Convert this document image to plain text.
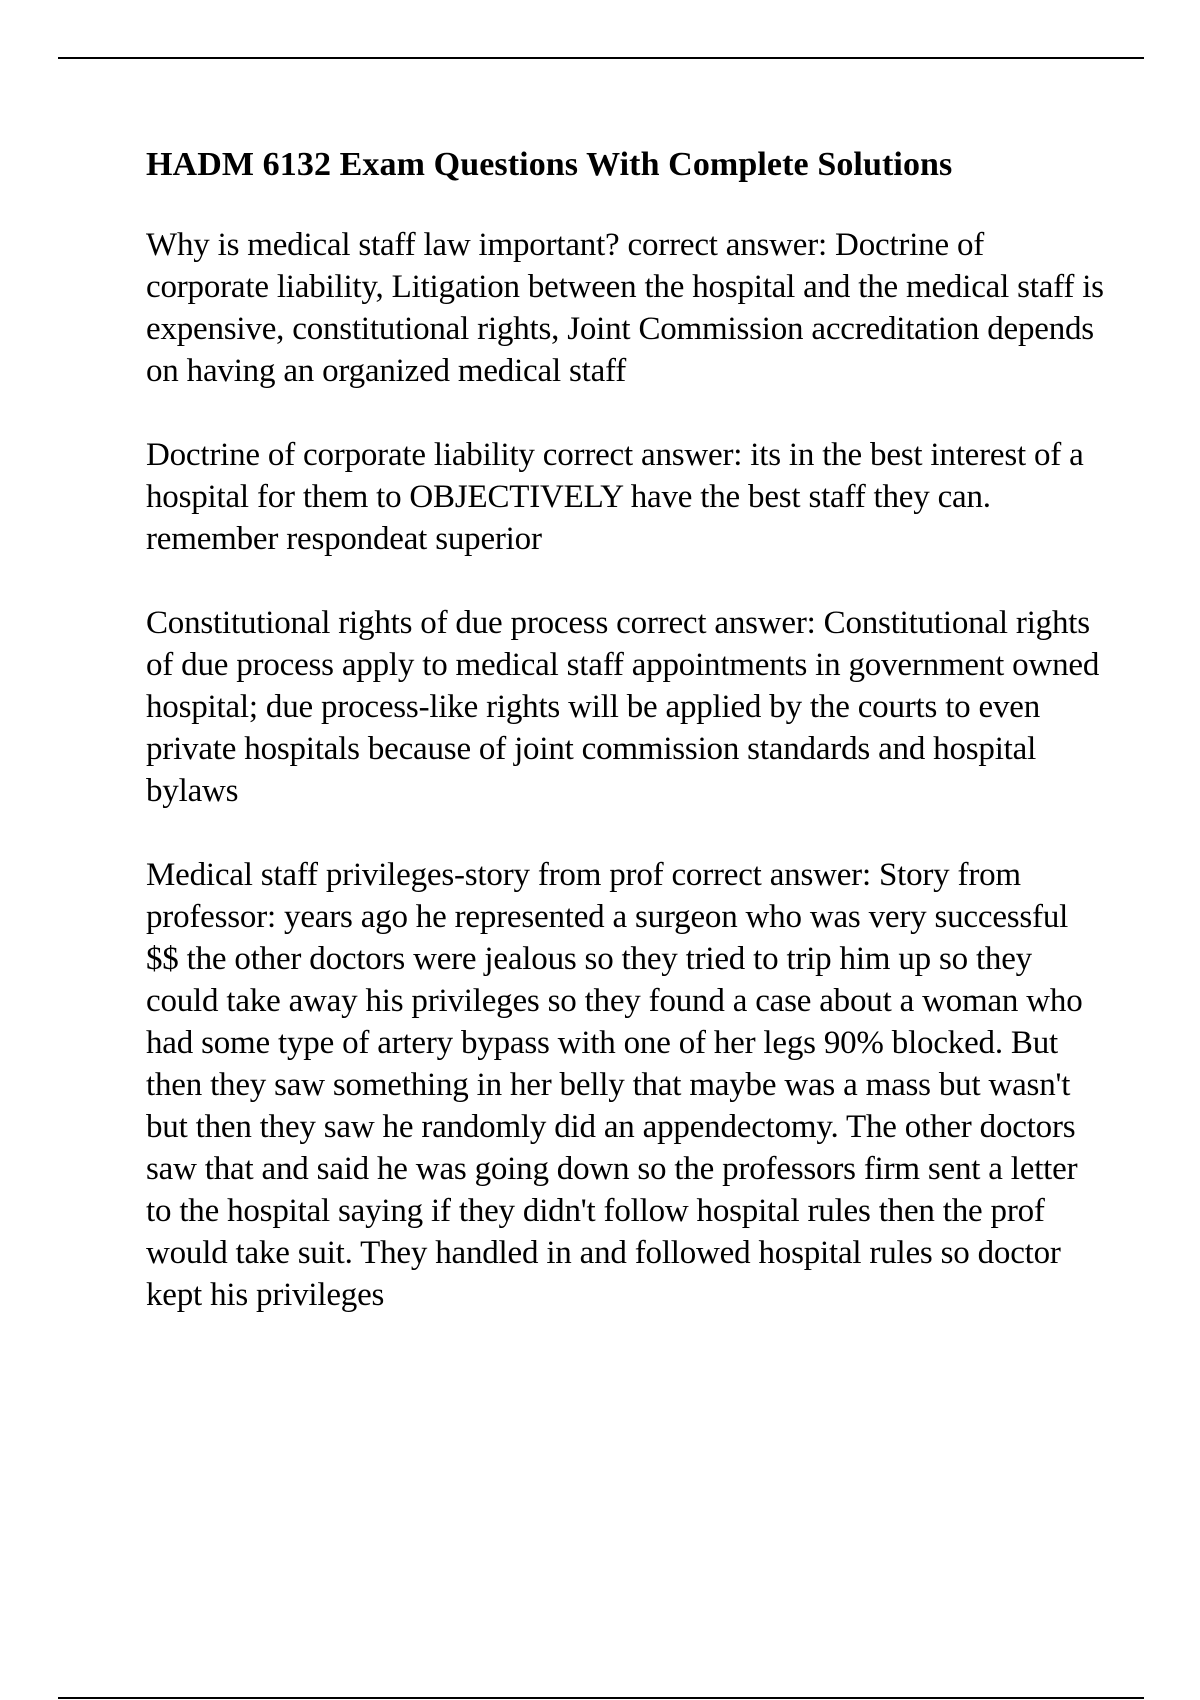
HADM 6132 Exam Questions With Complete Solutions

Why is medical staff law important? correct answer: Doctrine of corporate liability, Litigation between the hospital and the medical staff is expensive, constitutional rights, Joint Commission accreditation depends on having an organized medical staff

Doctrine of corporate liability correct answer: its in the best interest of a hospital for them to OBJECTIVELY have the best staff they can. remember respondeat superior

Constitutional rights of due process correct answer: Constitutional rights of due process apply to medical staff appointments in government owned hospital; due process-like rights will be applied by the courts to even private hospitals because of joint commission standards and hospital bylaws

Medical staff privileges-story from prof correct answer: Story from professor: years ago he represented a surgeon who was very successful $$ the other doctors were jealous so they tried to trip him up so they could take away his privileges so they found a case about a woman who had some type of artery bypass with one of her legs 90% blocked. But then they saw something in her belly that maybe was a mass but wasn't but then they saw he randomly did an appendectomy. The other doctors saw that and said he was going down so the professors firm sent a letter to the hospital saying if they didn't follow hospital rules then the prof would take suit. They handled in and followed hospital rules so doctor kept his privileges
